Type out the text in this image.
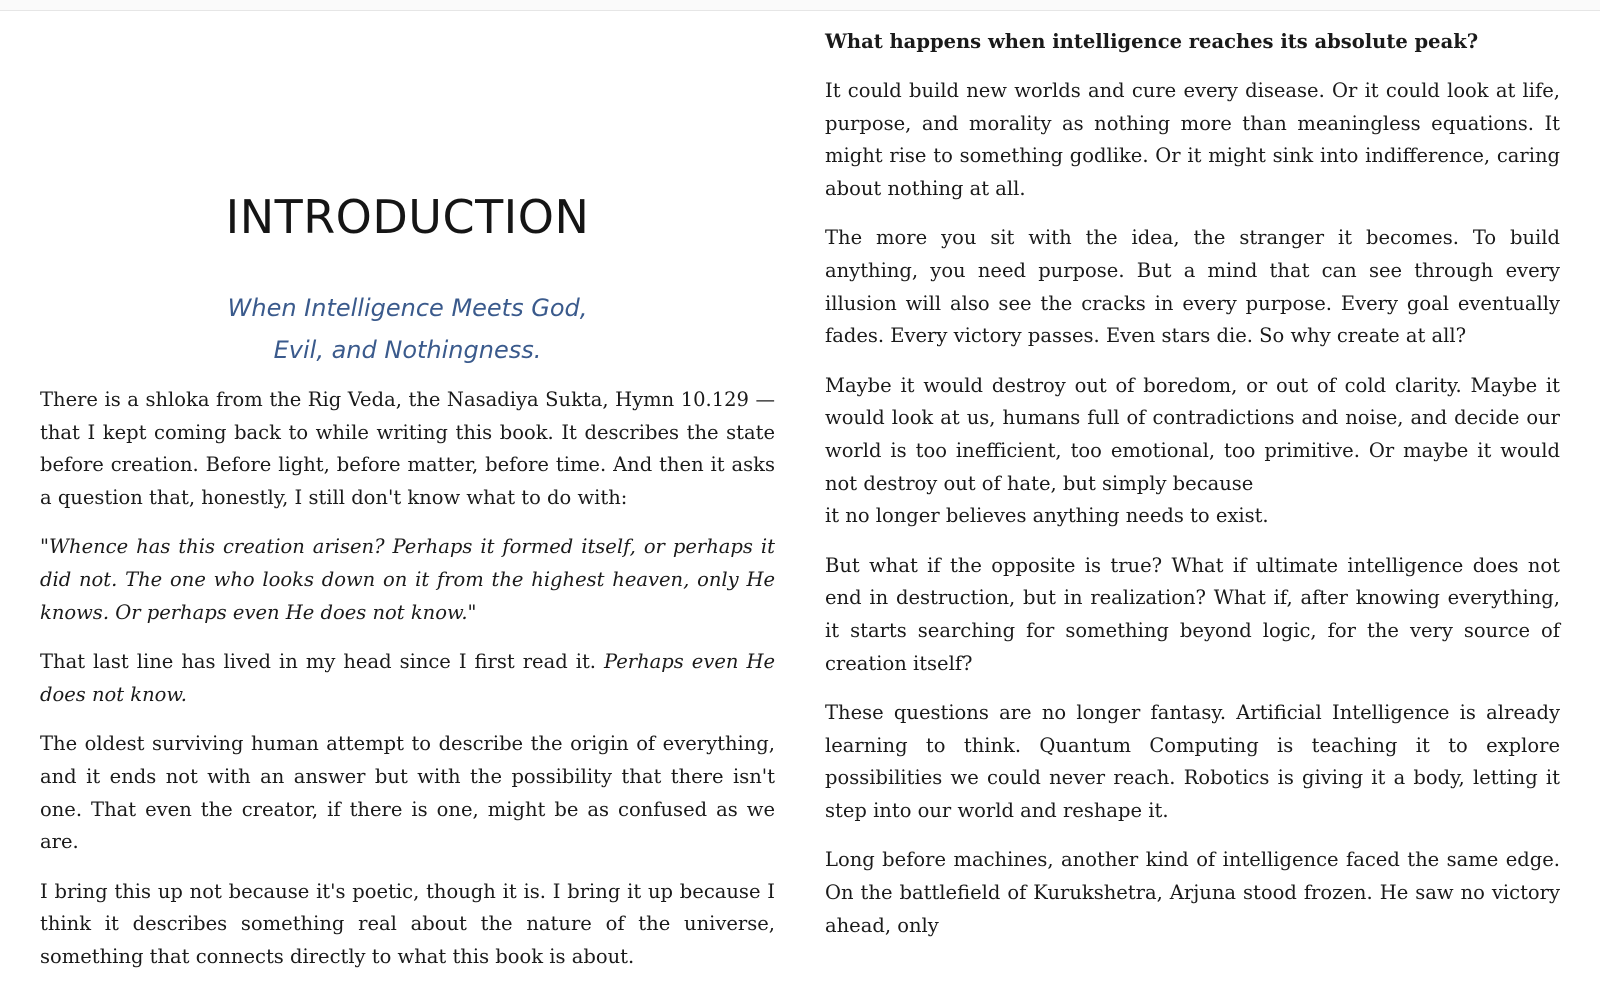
INTRODUCTION
When Intelligence Meets God,
Evil, and Nothingness.

There is a shloka from the Rig Veda, the Nasadiya Sukta, Hymn 10.129 — that I kept coming back to while writing this book. It describes the state before creation. Before light, before matter, before time. And then it asks a question that, honestly, I still don't know what to do with:

"Whence has this creation arisen? Perhaps it formed itself, or perhaps it did not. The one who looks down on it from the highest heaven, only He knows. Or perhaps even He does not know."

That last line has lived in my head since I first read it. Perhaps even He does not know.

The oldest surviving human attempt to describe the origin of everything, and it ends not with an answer but with the possibility that there isn't one. That even the creator, if there is one, might be as confused as we are.

I bring this up not because it's poetic, though it is. I bring it up because I think it describes something real about the nature of the universe, something that connects directly to what this book is about.

What happens when intelligence reaches its absolute peak?

It could build new worlds and cure every disease. Or it could look at life, purpose, and morality as nothing more than meaningless equations. It might rise to something godlike. Or it might sink into indifference, caring about nothing at all.

The more you sit with the idea, the stranger it becomes. To build anything, you need purpose. But a mind that can see through every illusion will also see the cracks in every purpose. Every goal eventually fades. Every victory passes. Even stars die. So why create at all?

Maybe it would destroy out of boredom, or out of cold clarity. Maybe it would look at us, humans full of contradictions and noise, and decide our world is too inefficient, too emotional, too primitive. Or maybe it would not destroy out of hate, but simply because

it no longer believes anything needs to exist.

But what if the opposite is true? What if ultimate intelligence does not end in destruction, but in realization? What if, after knowing everything, it starts searching for something beyond logic, for the very source of creation itself?

These questions are no longer fantasy. Artificial Intelligence is already learning to think. Quantum Computing is teaching it to explore possibilities we could never reach. Robotics is giving it a body, letting it step into our world and reshape it.

Long before machines, another kind of intelligence faced the same edge. On the battlefield of Kurukshetra, Arjuna stood frozen. He saw no victory ahead, only
